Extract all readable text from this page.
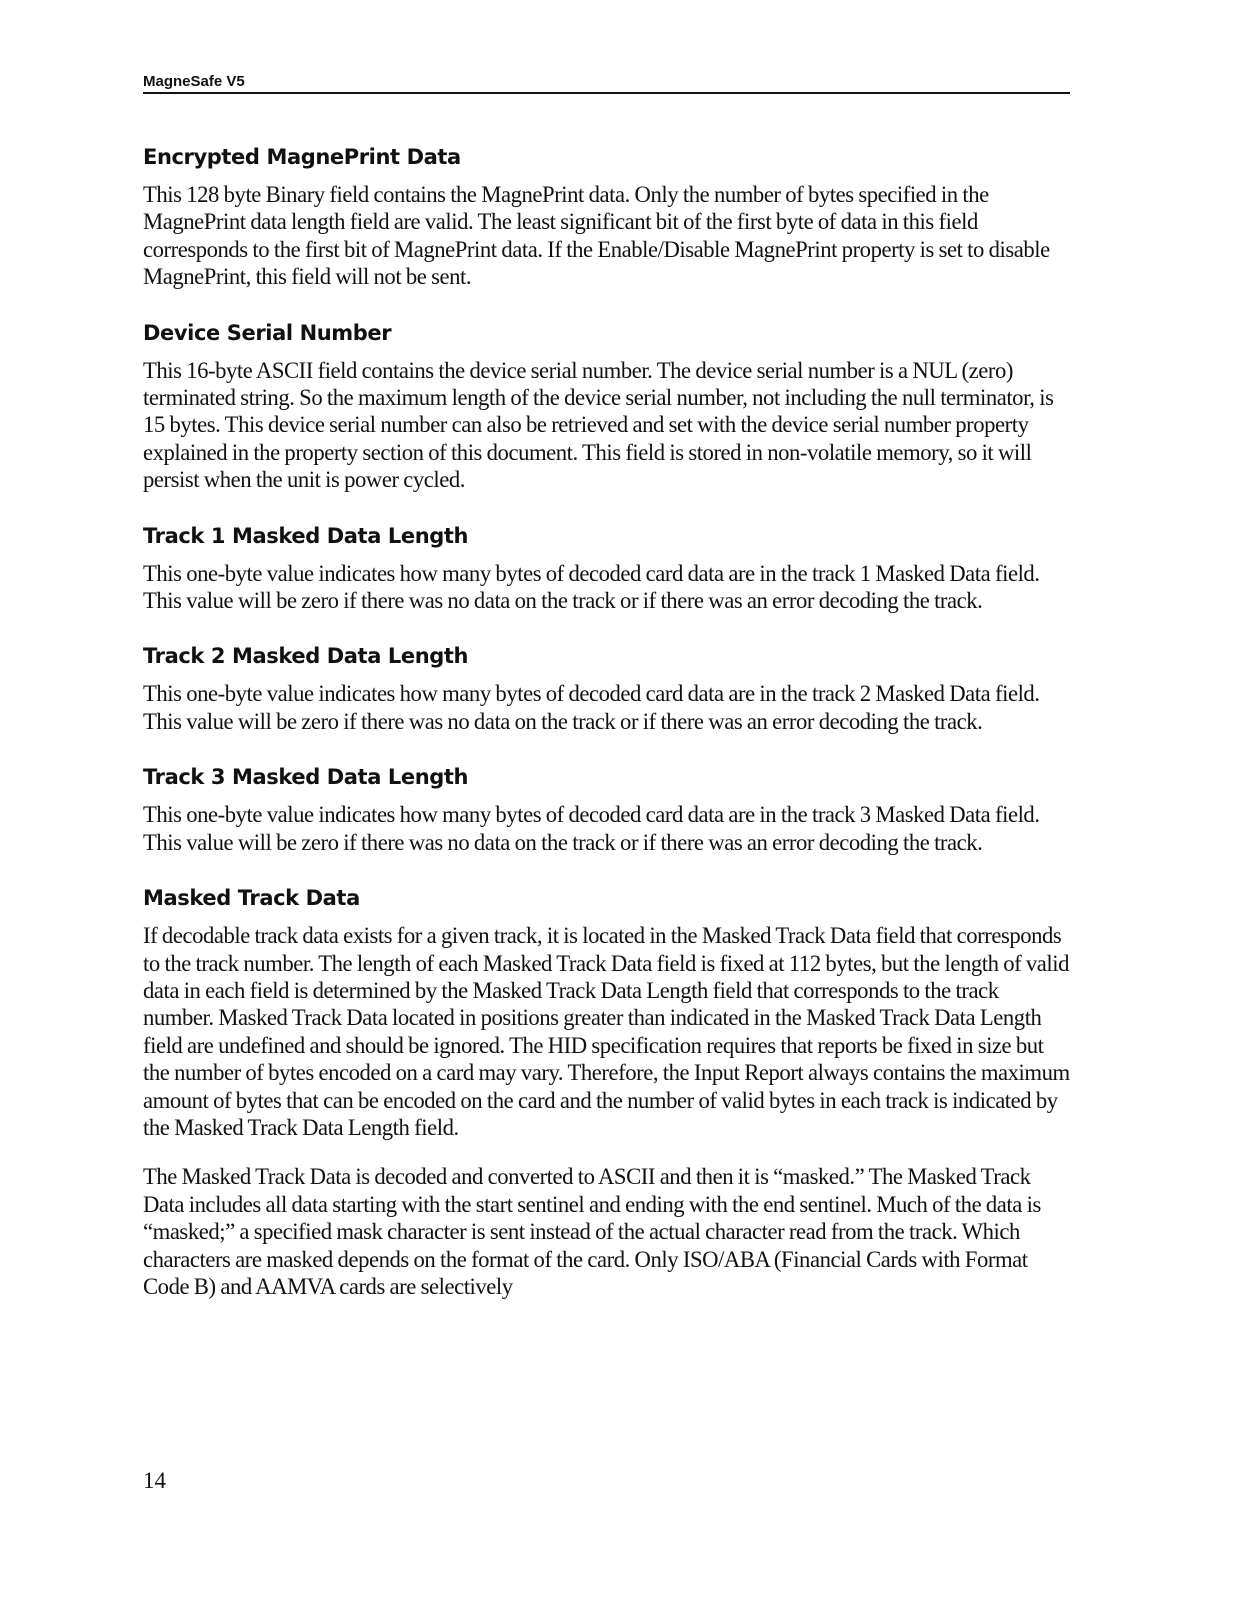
MagneSafe V5
Encrypted MagnePrint Data

This 128 byte Binary field contains the MagnePrint data. Only the number of bytes specified in the MagnePrint data length field are valid. The least significant bit of the first byte of data in this field corresponds to the first bit of MagnePrint data. If the Enable/Disable MagnePrint property is set to disable MagnePrint, this field will not be sent.

Device Serial Number

This 16-byte ASCII field contains the device serial number. The device serial number is a NUL (zero) terminated string. So the maximum length of the device serial number, not including the null terminator, is 15 bytes. This device serial number can also be retrieved and set with the device serial number property explained in the property section of this document. This field is stored in non-volatile memory, so it will persist when the unit is power cycled.

Track 1 Masked Data Length

This one-byte value indicates how many bytes of decoded card data are in the track 1 Masked Data field. This value will be zero if there was no data on the track or if there was an error decoding the track.

Track 2 Masked Data Length

This one-byte value indicates how many bytes of decoded card data are in the track 2 Masked Data field. This value will be zero if there was no data on the track or if there was an error decoding the track.

Track 3 Masked Data Length

This one-byte value indicates how many bytes of decoded card data are in the track 3 Masked Data field. This value will be zero if there was no data on the track or if there was an error decoding the track.

Masked Track Data

If decodable track data exists for a given track, it is located in the Masked Track Data field that corresponds to the track number. The length of each Masked Track Data field is fixed at 112 bytes, but the length of valid data in each field is determined by the Masked Track Data Length field that corresponds to the track number. Masked Track Data located in positions greater than indicated in the Masked Track Data Length field are undefined and should be ignored. The HID specification requires that reports be fixed in size but the number of bytes encoded on a card may vary. Therefore, the Input Report always contains the maximum amount of bytes that can be encoded on the card and the number of valid bytes in each track is indicated by the Masked Track Data Length field.

The Masked Track Data is decoded and converted to ASCII and then it is “masked.” The Masked Track Data includes all data starting with the start sentinel and ending with the end sentinel. Much of the data is “masked;” a specified mask character is sent instead of the actual character read from the track. Which characters are masked depends on the format of the card. Only ISO/ABA (Financial Cards with Format Code B) and AAMVA cards are selectively

14
